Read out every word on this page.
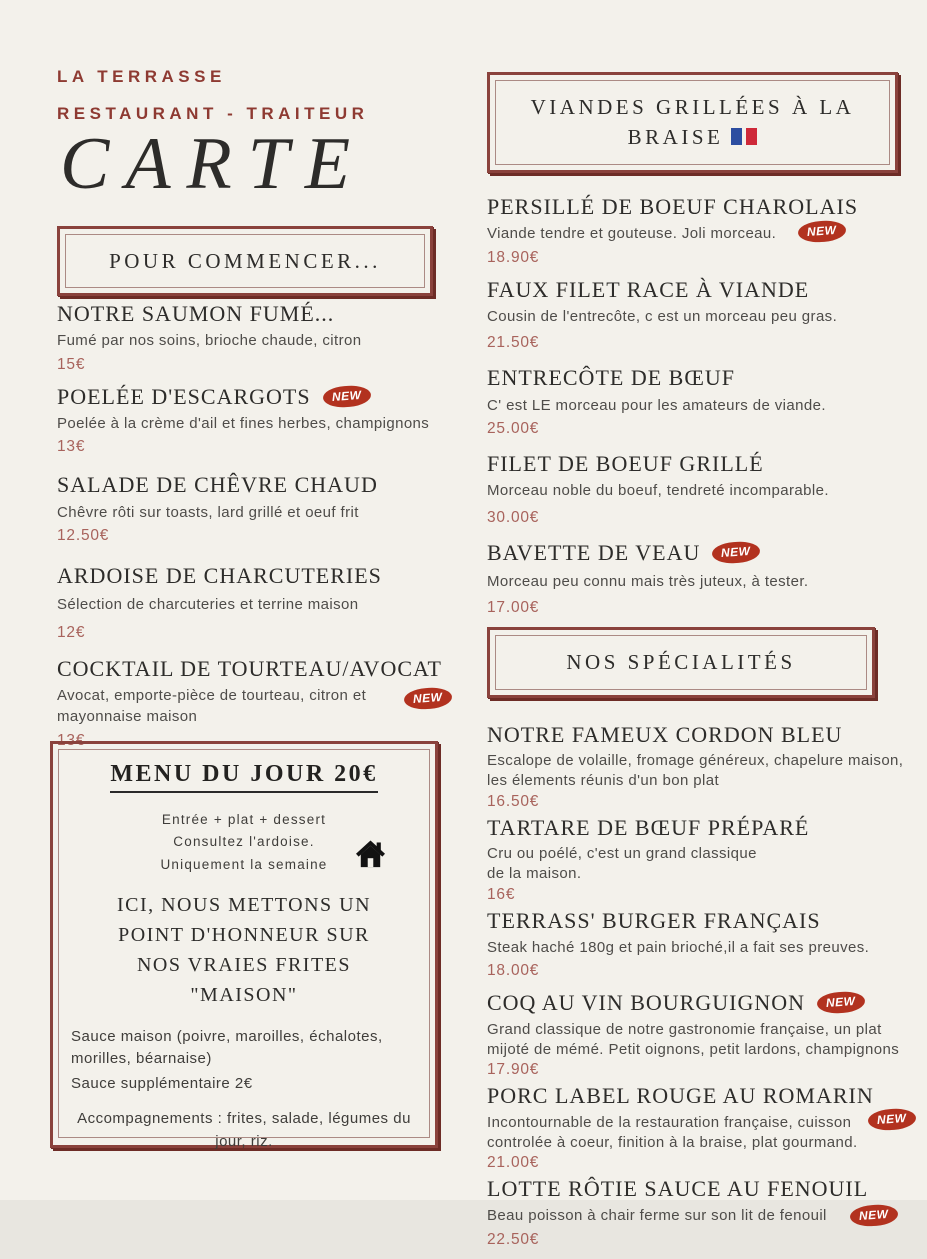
LA TERRASSE
RESTAURANT - TRAITEUR
CARTE
POUR COMMENCER...
NOTRE SAUMON FUMÉ...
Fumé par nos soins, brioche chaude, citron
15€
POELÉE D'ESCARGOTS NEW
Poelée à la crème d'ail et fines herbes, champignons
13€
SALADE DE CHÊVRE CHAUD
Chêvre rôti sur toasts, lard grillé et oeuf frit
12.50€
ARDOISE DE CHARCUTERIES
Sélection de charcuteries et terrine maison
12€
COCKTAIL DE TOURTEAU/AVOCAT
Avocat, emporte-pièce de tourteau, citron et
mayonnaise maison
13€
NEW
MENU DU JOUR 20€
Entrée + plat + dessert
Consultez l'ardoise.
Uniquement la semaine
ICI, NOUS METTONS UN POINT D'HONNEUR SUR NOS VRAIES FRITES "MAISON"
Sauce maison (poivre, maroilles, échalotes, morilles, béarnaise)
Sauce supplémentaire 2€
Accompagnements : frites, salade, légumes du jour, riz.
VIANDES GRILLÉES À LA BRAISE
PERSILLÉ DE BOEUF CHAROLAIS
Viande tendre et gouteuse. Joli morceau.
18.90€
NEW
FAUX FILET RACE À VIANDE
Cousin de l'entrecôte, c est un morceau peu gras.
21.50€
ENTRECÔTE DE BŒUF
C' est LE morceau pour les amateurs de viande.
25.00€
FILET DE BOEUF GRILLÉ
Morceau noble du boeuf, tendreté incomparable.
30.00€
BAVETTE DE VEAU NEW
Morceau peu connu mais très juteux, à tester.
17.00€
NOS SPÉCIALITÉS
NOTRE FAMEUX CORDON BLEU
Escalope de volaille, fromage généreux, chapelure maison, les élements réunis d'un bon plat
16.50€
TARTARE DE BŒUF PRÉPARÉ
Cru ou poélé, c'est un grand classique
de la maison.
16€
TERRASS' BURGER FRANÇAIS
Steak haché 180g et pain brioché,il a fait ses preuves.
18.00€
COQ AU VIN BOURGUIGNON NEW
Grand classique de notre gastronomie française, un plat mijoté de mémé. Petit oignons, petit lardons, champignons
17.90€
PORC LABEL ROUGE AU ROMARIN
Incontournable de la restauration française, cuisson controlée à coeur, finition à la braise, plat gourmand.
21.00€
NEW
LOTTE RÔTIE SAUCE AU FENOUIL
Beau poisson à chair ferme sur son lit de fenouil
22.50€
NEW
